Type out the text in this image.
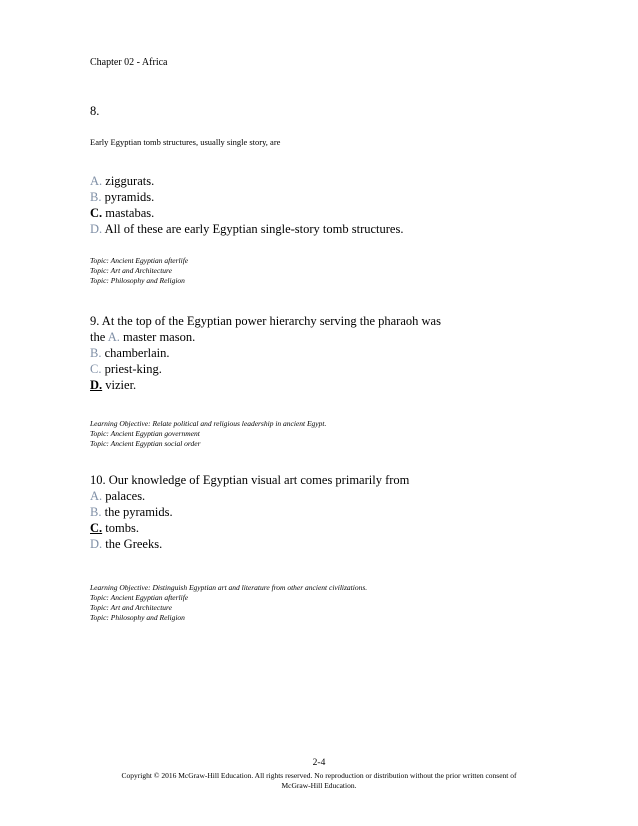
Chapter 02 - Africa
8.
Early Egyptian tomb structures, usually single story, are
A. ziggurats.
B. pyramids.
C. mastabas.
D. All of these are early Egyptian single-story tomb structures.
Topic: Ancient Egyptian afterlife
Topic: Art and Architecture
Topic: Philosophy and Religion
9. At the top of the Egyptian power hierarchy serving the pharaoh was
the A. master mason.
B. chamberlain.
C. priest-king.
D. vizier.
Learning Objective: Relate political and religious leadership in ancient Egypt.
Topic: Ancient Egyptian government
Topic: Ancient Egyptian social order
10. Our knowledge of Egyptian visual art comes primarily from
A. palaces.
B. the pyramids.
C. tombs.
D. the Greeks.
Learning Objective: Distinguish Egyptian art and literature from other ancient civilizations.
Topic: Ancient Egyptian afterlife
Topic: Art and Architecture
Topic: Philosophy and Religion
2-4
Copyright © 2016 McGraw-Hill Education. All rights reserved. No reproduction or distribution without the prior written consent of
McGraw-Hill Education.
